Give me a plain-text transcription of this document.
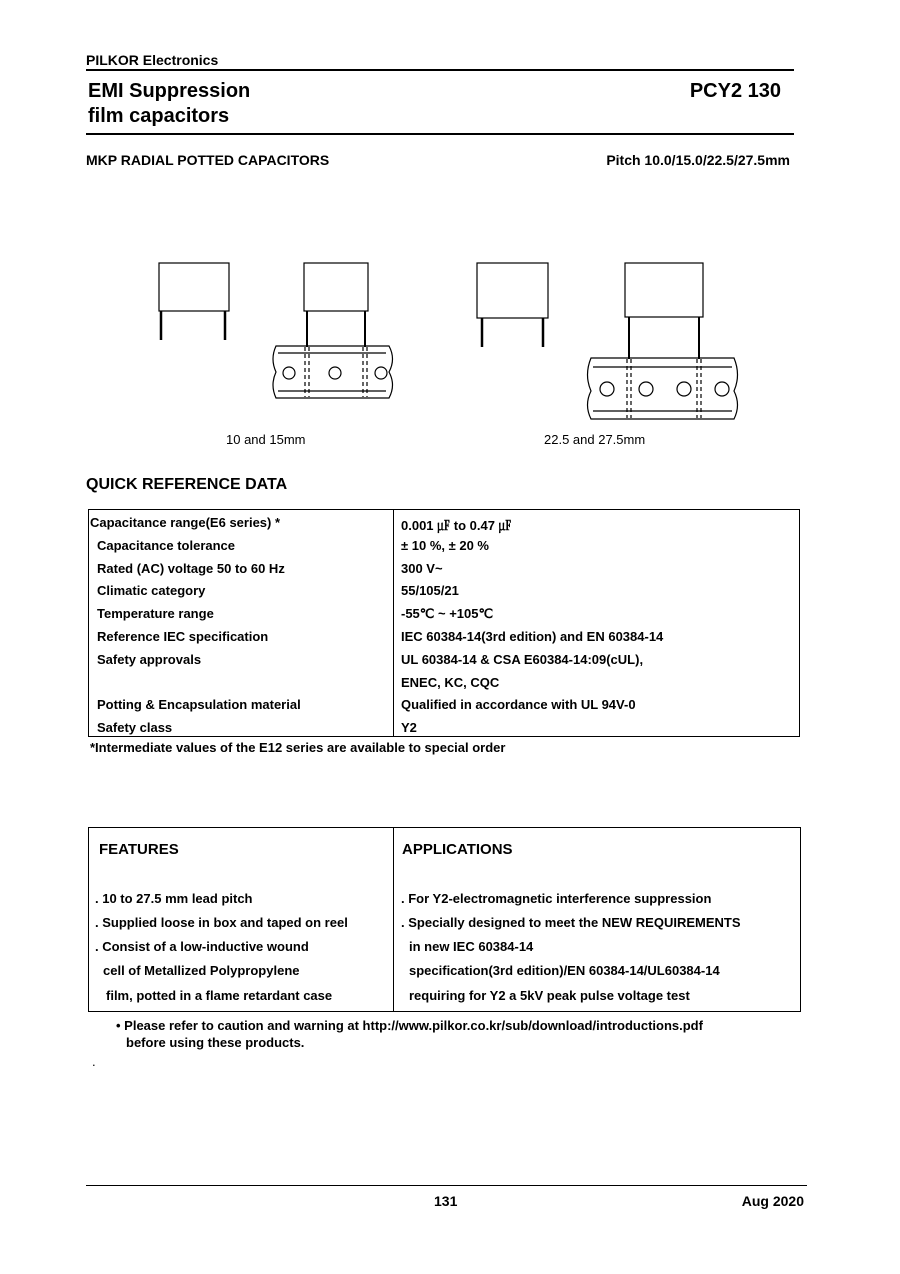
PILKOR Electronics
EMI Suppression
film capacitors
PCY2 130
MKP RADIAL POTTED CAPACITORS	Pitch 10.0/15.0/22.5/27.5mm
10 and 15mm	22.5 and 27.5mm
QUICK REFERENCE DATA
Capacitance range(E6 series) *	0.001 ㎌ to 0.47 ㎌
Capacitance tolerance	± 10 %, ± 20 %
Rated (AC) voltage 50 to 60 Hz	300 V~
Climatic category	55/105/21
Temperature range	-55℃ ~ +105℃
Reference IEC specification	IEC 60384-14(3rd edition) and EN 60384-14
Safety approvals	UL 60384-14 & CSA E60384-14:09(cUL),
ENEC, KC, CQC
Potting & Encapsulation material	Qualified in accordance with UL 94V-0
Safety class	Y2
*Intermediate values of the E12 series are available to special order
FEATURES	APPLICATIONS
. 10 to 27.5 mm lead pitch
. Supplied loose in box and taped on reel
. Consist of a low-inductive wound
cell of Metallized Polypropylene
film, potted in a flame retardant case
. For Y2-electromagnetic interference suppression
. Specially designed to meet the NEW REQUIREMENTS
in new IEC 60384-14
specification(3rd edition)/EN 60384-14/UL60384-14
requiring for Y2 a 5kV peak pulse voltage test
• Please refer to caution and warning at http://www.pilkor.co.kr/sub/download/introductions.pdf
before using these products.
.
131	Aug 2020
